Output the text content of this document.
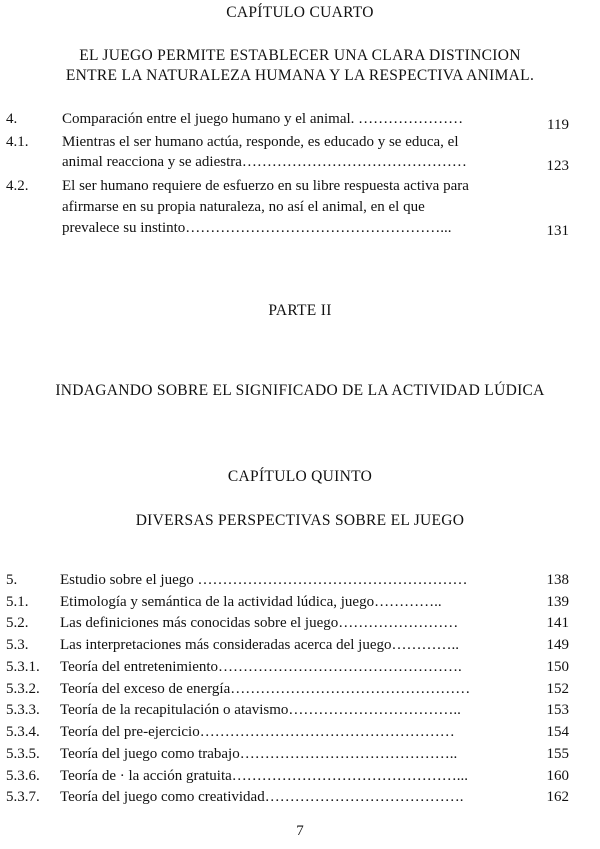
CAPÍTULO CUARTO
EL JUEGO PERMITE ESTABLECER UNA CLARA DISTINCION
ENTRE LA NATURALEZA HUMANA Y LA RESPECTIVA ANIMAL.
4.	Comparación entre el juego humano y el animal. …………………	119
4.1. Mientras el ser humano actúa, responde, es educado y se educa, el
animal reacciona y se adiestra………………………………………	123
4.2. El ser humano requiere de esfuerzo en su libre respuesta activa para
afirmarse en su propia naturaleza, no así el animal, en el que
prevalece su instinto……………………………………………...	131
PARTE II
INDAGANDO SOBRE EL SIGNIFICADO DE LA ACTIVIDAD LÚDICA
CAPÍTULO QUINTO
DIVERSAS PERSPECTIVAS SOBRE EL JUEGO
5.	Estudio sobre el juego ………………………………………………	138
5.1. Etimología y semántica de la actividad lúdica, juego…………..	139
5.2. Las definiciones más conocidas sobre el juego……………………	141
5.3. Las interpretaciones más consideradas acerca del juego…………..	149
5.3.1. Teoría del entretenimiento………………………………………….	150
5.3.2. Teoría del exceso de energía…………………………………………	152
5.3.3. Teoría de la recapitulación o atavismo……………………………..	153
5.3.4. Teoría del pre-ejercicio……………………………………………	154
5.3.5. Teoría del juego como trabajo……………………………………..	155
5.3.6. Teoría de · la acción gratuita………………………………………...	160
5.3.7. Teoría del juego como creatividad………………………………….	162
7
